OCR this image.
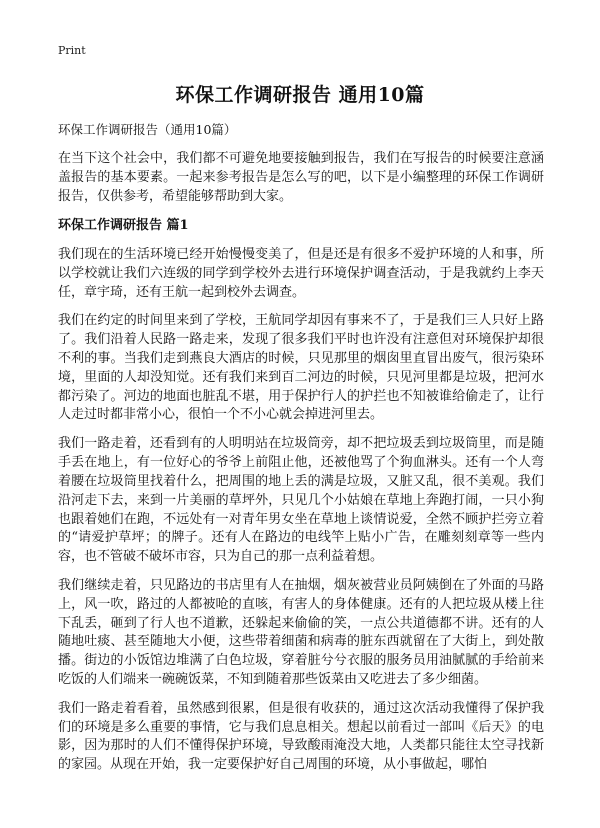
Print
环保工作调研报告 通用10篇
环保工作调研报告（通用10篇）

在当下这个社会中，我们都不可避免地要接触到报告，我们在写报告的时候要注意涵盖报告的基本要素。一起来参考报告是怎么写的吧，以下是小编整理的环保工作调研报告，仅供参考，希望能够帮助到大家。

环保工作调研报告 篇1

我们现在的生活环境已经开始慢慢变美了，但是还是有很多不爱护环境的人和事，所以学校就让我们六连级的同学到学校外去进行环境保护调查活动，于是我就约上李天任，章宇琦，还有王航一起到校外去调查。

我们在约定的时间里来到了学校，王航同学却因有事来不了，于是我们三人只好上路了。我们沿着人民路一路走来，发现了很多我们平时也许没有注意但对环境保护却很不利的事。当我们走到燕良大酒店的时候，只见那里的烟囱里直冒出废气，很污染环境，里面的人却没知觉。还有我们来到百二河边的时候，只见河里都是垃圾，把河水都污染了。河边的地面也脏乱不堪，用于保护行人的护拦也不知被谁给偷走了，让行人走过时都非常小心，很怕一个不小心就会掉进河里去。

我们一路走着，还看到有的人明明站在垃圾筒旁，却不把垃圾丢到垃圾筒里，而是随手丢在地上，有一位好心的爷爷上前阻止他，还被他骂了个狗血淋头。还有一个人弯着腰在垃圾筒里找着什么，把周围的地上丢的满是垃圾，又脏又乱，很不美观。我们沿河走下去，来到一片美丽的草坪外，只见几个小姑娘在草地上奔跑打闹，一只小狗也跟着她们在跑，不远处有一对青年男女坐在草地上谈情说爱，全然不顾护拦旁立着的“请爱护草坪；的牌子。还有人在路边的电线竿上贴小广告，在雕刻刻章等一些内容，也不管破不破坏市容，只为自己的那一点利益着想。

我们继续走着，只见路边的书店里有人在抽烟，烟灰被营业员阿姨倒在了外面的马路上，风一吹，路过的人都被呛的直咳，有害人的身体健康。还有的人把垃圾从楼上往下乱丢，砸到了行人也不道歉，还躲起来偷偷的笑，一点公共道德都不讲。还有的人随地吐痰、甚至随地大小便，这些带着细菌和病毒的脏东西就留在了大街上，到处散播。街边的小饭馆边堆满了白色垃圾，穿着脏兮兮衣服的服务员用油腻腻的手给前来吃饭的人们端来一碗碗饭菜，不知到随着那些饭菜由又吃进去了多少细菌。

我们一路走着看着，虽然感到很累，但是很有收获的，通过这次活动我懂得了保护我们的环境是多么重要的事情，它与我们息息相关。想起以前看过一部叫《后天》的电影，因为那时的人们不懂得保护环境，导致酸雨淹没大地，人类都只能往太空寻找新的家园。从现在开始，我一定要保护好自己周围的环境，从小事做起，哪怕
